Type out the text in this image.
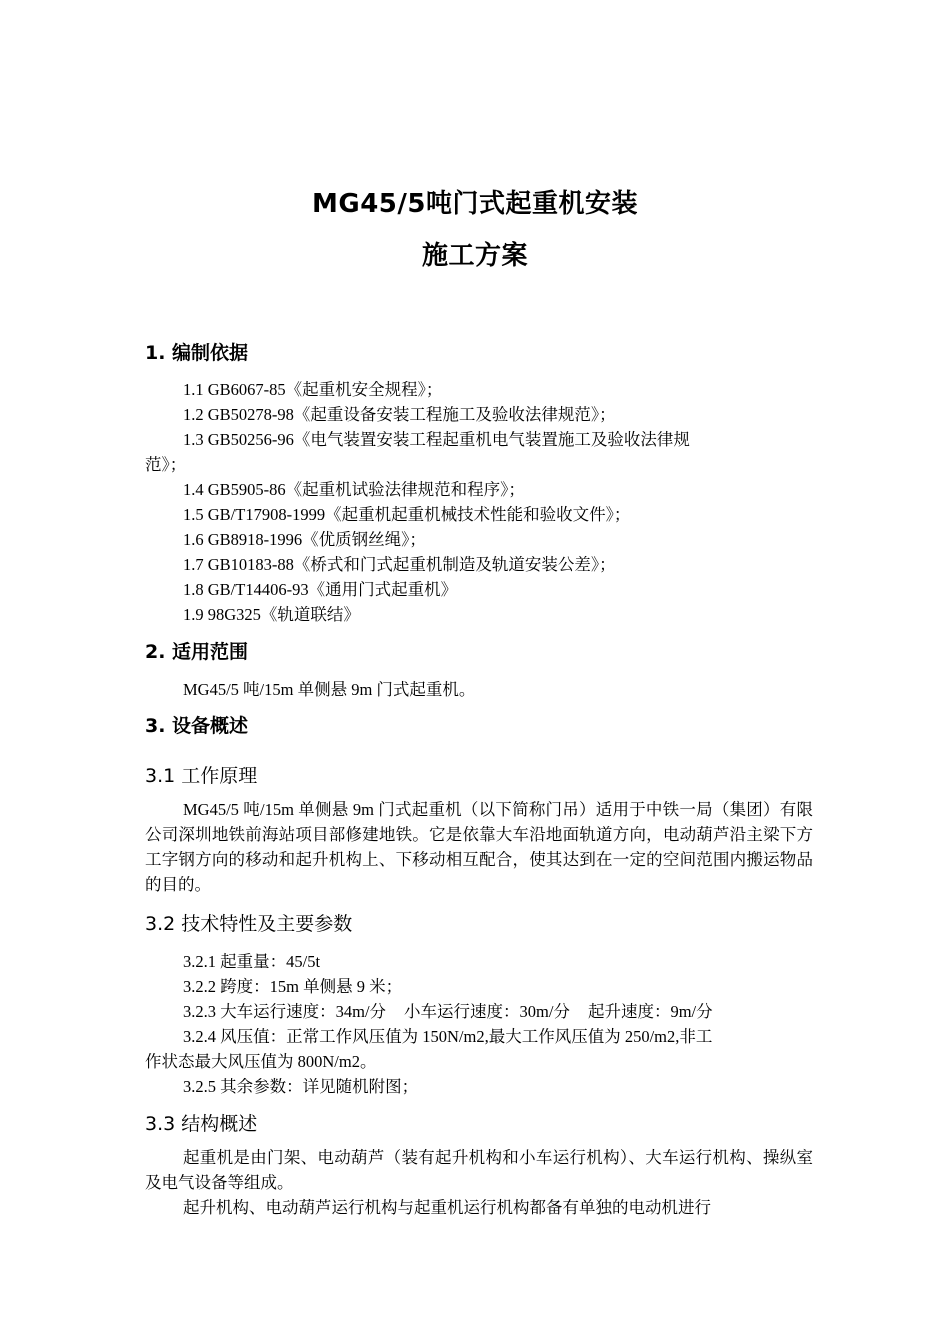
MG45/5吨门式起重机安装
施工方案
1. 编制依据
1.1 GB6067-85《起重机安全规程》；
1.2 GB50278-98《起重设备安装工程施工及验收法律规范》；
1.3 GB50256-96《电气装置安装工程起重机电气装置施工及验收法律规
范》；
1.4 GB5905-86《起重机试验法律规范和程序》；
1.5 GB/T17908-1999《起重机起重机械技术性能和验收文件》；
1.6 GB8918-1996《优质钢丝绳》；
1.7 GB10183-88《桥式和门式起重机制造及轨道安装公差》；
1.8 GB/T14406-93《通用门式起重机》
1.9 98G325《轨道联结》
2. 适用范围
MG45/5 吨/15m 单侧悬 9m 门式起重机。
3. 设备概述
3.1 工作原理
MG45/5 吨/15m 单侧悬 9m 门式起重机（以下简称门吊）适用于中铁一局（集团）有限公司深圳地铁前海站项目部修建地铁。它是依靠大车沿地面轨道方向，电动葫芦沿主梁下方工字钢方向的移动和起升机构上、下移动相互配合，使其达到在一定的空间范围内搬运物品的目的。
3.2 技术特性及主要参数
3.2.1 起重量：45/5t
3.2.2 跨度：15m 单侧悬 9 米；
3.2.3 大车运行速度：34m/分 小车运行速度：30m/分 起升速度：9m/分
3.2.4 风压值：正常工作风压值为 150N/m2,最大工作风压值为 250/m2,非工
作状态最大风压值为 800N/m2。
3.2.5 其余参数：详见随机附图；
3.3 结构概述
起重机是由门架、电动葫芦（装有起升机构和小车运行机构）、大车运行机构、操纵室及电气设备等组成。
起升机构、电动葫芦运行机构与起重机运行机构都备有单独的电动机进行
